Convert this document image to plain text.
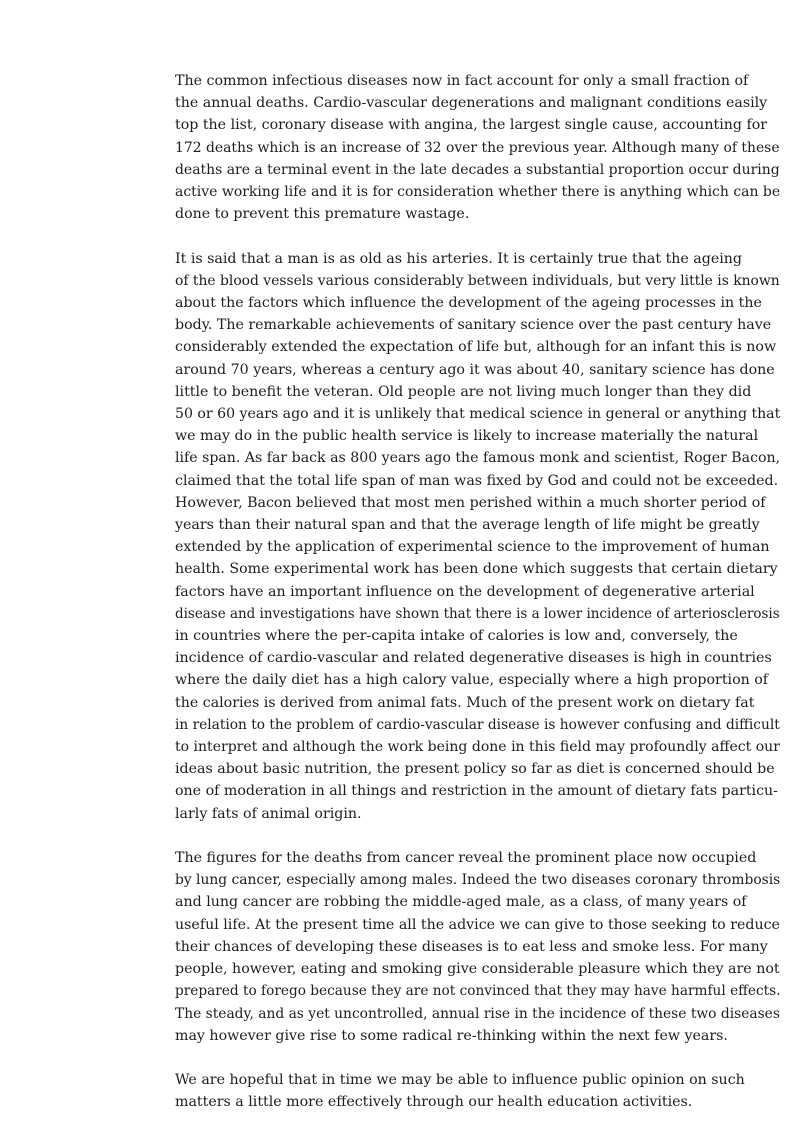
The common infectious diseases now in fact account for only a small fraction of
the annual deaths. Cardio-vascular degenerations and malignant conditions easily
top the list, coronary disease with angina, the largest single cause, accounting for
172 deaths which is an increase of 32 over the previous year. Although many of these
deaths are a terminal event in the late decades a substantial proportion occur during
active working life and it is for consideration whether there is anything which can be
done to prevent this premature wastage.

It is said that a man is as old as his arteries. It is certainly true that the ageing
of the blood vessels various considerably between individuals, but very little is known
about the factors which influence the development of the ageing processes in the
body. The remarkable achievements of sanitary science over the past century have
considerably extended the expectation of life but, although for an infant this is now
around 70 years, whereas a century ago it was about 40, sanitary science has done
little to benefit the veteran. Old people are not living much longer than they did
50 or 60 years ago and it is unlikely that medical science in general or anything that
we may do in the public health service is likely to increase materially the natural
life span. As far back as 800 years ago the famous monk and scientist, Roger Bacon,
claimed that the total life span of man was fixed by God and could not be exceeded.
However, Bacon believed that most men perished within a much shorter period of
years than their natural span and that the average length of life might be greatly
extended by the application of experimental science to the improvement of human
health. Some experimental work has been done which suggests that certain dietary
factors have an important influence on the development of degenerative arterial
disease and investigations have shown that there is a lower incidence of arteriosclerosis
in countries where the per-capita intake of calories is low and, conversely, the
incidence of cardio-vascular and related degenerative diseases is high in countries
where the daily diet has a high calory value, especially where a high proportion of
the calories is derived from animal fats. Much of the present work on dietary fat
in relation to the problem of cardio-vascular disease is however confusing and difficult
to interpret and although the work being done in this field may profoundly affect our
ideas about basic nutrition, the present policy so far as diet is concerned should be
one of moderation in all things and restriction in the amount of dietary fats particu-
larly fats of animal origin.

The figures for the deaths from cancer reveal the prominent place now occupied
by lung cancer, especially among males. Indeed the two diseases coronary thrombosis
and lung cancer are robbing the middle-aged male, as a class, of many years of
useful life. At the present time all the advice we can give to those seeking to reduce
their chances of developing these diseases is to eat less and smoke less. For many
people, however, eating and smoking give considerable pleasure which they are not
prepared to forego because they are not convinced that they may have harmful effects.
The steady, and as yet uncontrolled, annual rise in the incidence of these two diseases
may however give rise to some radical re-thinking within the next few years.

We are hopeful that in time we may be able to influence public opinion on such
matters a little more effectively through our health education activities.
